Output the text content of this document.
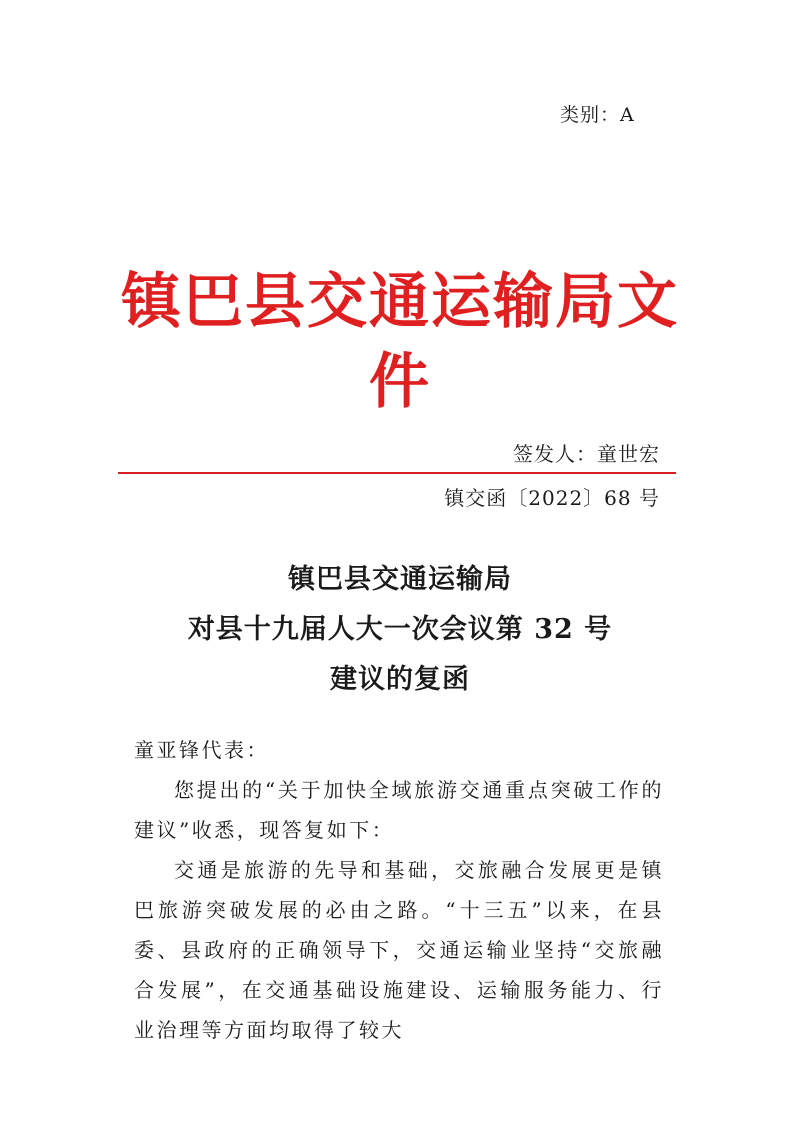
类别：A
镇巴县交通运输局文件
签发人：童世宏
镇交函〔2022〕68 号
镇巴县交通运输局
对县十九届人大一次会议第 32 号
建议的复函

童亚锋代表：

您提出的“关于加快全域旅游交通重点突破工作的建议”收悉，现答复如下：

交通是旅游的先导和基础，交旅融合发展更是镇巴旅游突破发展的必由之路。“十三五”以来，在县委、县政府的正确领导下，交通运输业坚持“交旅融合发展”，在交通基础设施建设、运输服务能力、行业治理等方面均取得了较大
